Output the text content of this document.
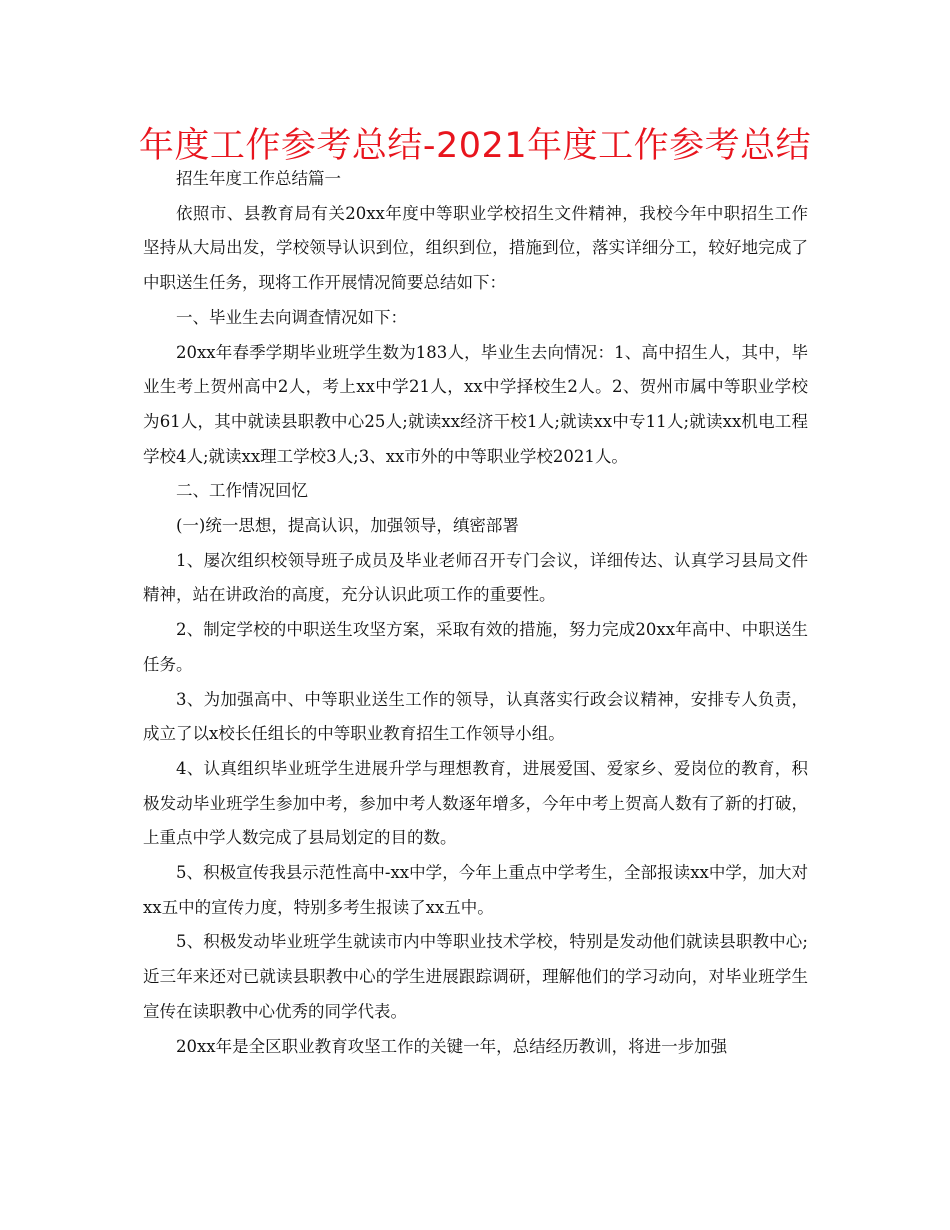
年度工作参考总结-2021年度工作参考总结

招生年度工作总结篇一

依照市、县教育局有关20xx年度中等职业学校招生文件精神，我校今年中职招生工作坚持从大局出发，学校领导认识到位，组织到位，措施到位，落实详细分工，较好地完成了中职送生任务，现将工作开展情况简要总结如下：

一、毕业生去向调查情况如下：

20xx年春季学期毕业班学生数为183人，毕业生去向情况：1、高中招生人，其中，毕业生考上贺州高中2人，考上xx中学21人，xx中学择校生2人。2、贺州市属中等职业学校为61人，其中就读县职教中心25人;就读xx经济干校1人;就读xx中专11人;就读xx机电工程学校4人;就读xx理工学校3人;3、xx市外的中等职业学校2021人。

二、工作情况回忆

(一)统一思想，提高认识，加强领导，缜密部署

1、屡次组织校领导班子成员及毕业老师召开专门会议，详细传达、认真学习县局文件精神，站在讲政治的高度，充分认识此项工作的重要性。

2、制定学校的中职送生攻坚方案，采取有效的措施，努力完成20xx年高中、中职送生任务。

3、为加强高中、中等职业送生工作的领导，认真落实行政会议精神，安排专人负责，成立了以x校长任组长的中等职业教育招生工作领导小组。

4、认真组织毕业班学生进展升学与理想教育，进展爱国、爱家乡、爱岗位的教育，积极发动毕业班学生参加中考，参加中考人数逐年增多，今年中考上贺高人数有了新的打破，上重点中学人数完成了县局划定的目的数。

5、积极宣传我县示范性高中-xx中学，今年上重点中学考生，全部报读xx中学，加大对xx五中的宣传力度，特别多考生报读了xx五中。

5、积极发动毕业班学生就读市内中等职业技术学校，特别是发动他们就读县职教中心;近三年来还对已就读县职教中心的学生进展跟踪调研，理解他们的学习动向，对毕业班学生宣传在读职教中心优秀的同学代表。

20xx年是全区职业教育攻坚工作的关键一年，总结经历教训，将进一步加强
